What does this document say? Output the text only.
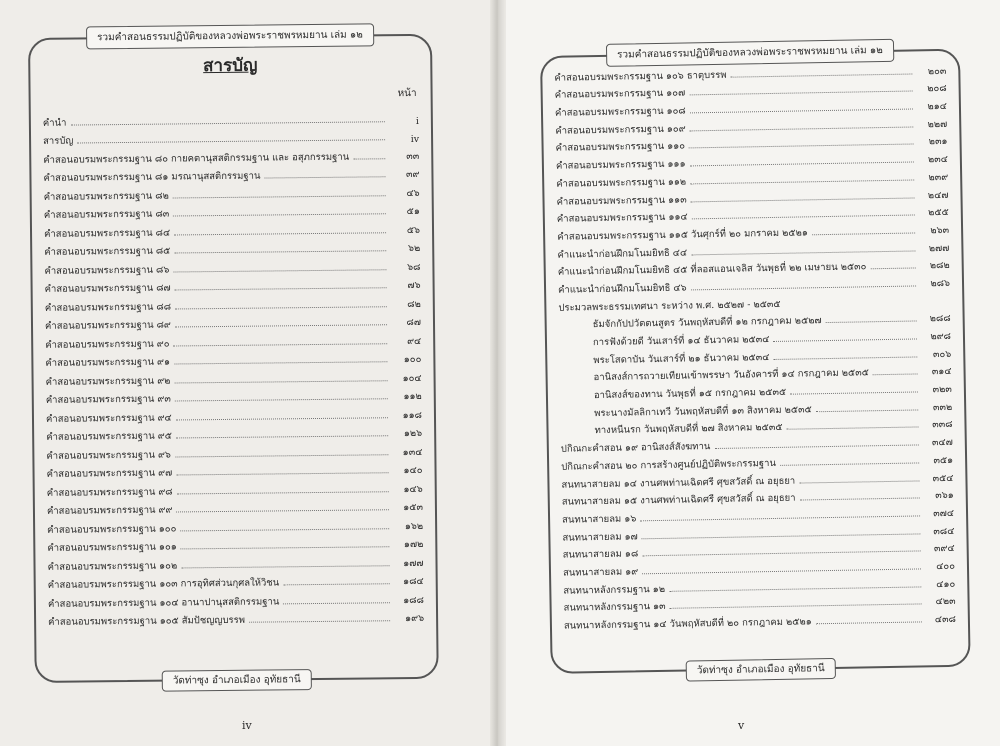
รวมคำสอนธรรมปฏิบัติของหลวงพ่อพระราชพรหมยาน เล่ม ๑๒
สารบัญ
หน้า
คำนำ	i
สารบัญ	iv
คำสอนอบรมพระกรรมฐาน ๘๐ กายคตานุสสติกรรมฐาน และ อสุภกรรมฐาน	๓๓
คำสอนอบรมพระกรรมฐาน ๘๑ มรณานุสสติกรรมฐาน	๓๙
คำสอนอบรมพระกรรมฐาน ๘๒	๔๖
คำสอนอบรมพระกรรมฐาน ๘๓	๕๑
คำสอนอบรมพระกรรมฐาน ๘๔	๕๖
คำสอนอบรมพระกรรมฐาน ๘๕	๖๒
คำสอนอบรมพระกรรมฐาน ๘๖	๖๘
คำสอนอบรมพระกรรมฐาน ๘๗	๗๖
คำสอนอบรมพระกรรมฐาน ๘๘	๘๒
คำสอนอบรมพระกรรมฐาน ๘๙	๘๗
คำสอนอบรมพระกรรมฐาน ๙๐	๙๔
คำสอนอบรมพระกรรมฐาน ๙๑	๑๐๐
คำสอนอบรมพระกรรมฐาน ๙๒	๑๐๔
คำสอนอบรมพระกรรมฐาน ๙๓	๑๑๒
คำสอนอบรมพระกรรมฐาน ๙๔	๑๑๘
คำสอนอบรมพระกรรมฐาน ๙๕	๑๒๖
คำสอนอบรมพระกรรมฐาน ๙๖	๑๓๔
คำสอนอบรมพระกรรมฐาน ๙๗	๑๔๐
คำสอนอบรมพระกรรมฐาน ๙๘	๑๔๖
คำสอนอบรมพระกรรมฐาน ๙๙	๑๕๓
คำสอนอบรมพระกรรมฐาน ๑๐๐	๑๖๒
คำสอนอบรมพระกรรมฐาน ๑๐๑	๑๗๒
คำสอนอบรมพระกรรมฐาน ๑๐๒	๑๗๗
คำสอนอบรมพระกรรมฐาน ๑๐๓ การอุทิศส่วนกุศลให้วิชน	๑๘๔
คำสอนอบรมพระกรรมฐาน ๑๐๔ อานาปานุสสติกรรมฐาน	๑๘๘
คำสอนอบรมพระกรรมฐาน ๑๐๕ สัมปัชญญบรรพ	๑๙๖
วัดท่าซุง อำเภอเมือง อุทัยธานี
iv
รวมคำสอนธรรมปฏิบัติของหลวงพ่อพระราชพรหมยาน เล่ม ๑๒
คำสอนอบรมพระกรรมฐาน ๑๐๖ ธาตุบรรพ	๒๐๓
คำสอนอบรมพระกรรมฐาน ๑๐๗	๒๐๘
คำสอนอบรมพระกรรมฐาน ๑๐๘	๒๑๔
คำสอนอบรมพระกรรมฐาน ๑๐๙	๒๒๗
คำสอนอบรมพระกรรมฐาน ๑๑๐	๒๓๑
คำสอนอบรมพระกรรมฐาน ๑๑๑	๒๓๔
คำสอนอบรมพระกรรมฐาน ๑๑๒	๒๓๙
คำสอนอบรมพระกรรมฐาน ๑๑๓	๒๔๗
คำสอนอบรมพระกรรมฐาน ๑๑๔	๒๕๕
คำสอนอบรมพระกรรมฐาน ๑๑๕ วันศุกร์ที่ ๒๐ มกราคม ๒๕๒๑	๒๖๓
คำแนะนำก่อนฝึกมโนมยิทธิ ๔๔	๒๗๗
คำแนะนำก่อนฝึกมโนมยิทธิ ๔๕ ที่ลอสแอนเจลิส วันพุธที่ ๒๒ เมษายน ๒๕๓๐	๒๘๒
คำแนะนำก่อนฝึกมโนมยิทธิ ๔๖	๒๘๖
ประมวลพระธรรมเทศนา ระหว่าง พ.ศ. ๒๕๒๗ - ๒๕๓๕
ธัมจักกัปปวัตตนสูตร วันพฤหัสบดีที่ ๑๒ กรกฎาคม ๒๕๒๗	๒๘๘
การฟังด้วยดี วันเสาร์ที่ ๑๔ ธันวาคม ๒๕๓๔	๒๙๘
พระโสดาบัน วันเสาร์ที่ ๒๑ ธันวาคม ๒๕๓๔	๓๐๖
อานิสงส์การถวายเทียนเข้าพรรษา วันอังคารที่ ๑๔ กรกฎาคม ๒๕๓๕	๓๑๔
อานิสงส์ของทาน วันพุธที่ ๑๕ กรกฎาคม ๒๕๓๕	๓๒๓
พระนางมัลลิกาเทวี วันพฤหัสบดีที่ ๑๓ สิงหาคม ๒๕๓๕	๓๓๒
ทางหนีนรก วันพฤหัสบดีที่ ๒๗ สิงหาคม ๒๕๓๕	๓๓๘
ปกิณกะคำสอน ๑๙ อานิสงส์สังฆทาน	๓๔๗
ปกิณกะคำสอน ๒๐ การสร้างศูนย์ปฏิบัติพระกรรมฐาน	๓๕๑
สนทนาสายลม ๑๔ งานศพท่านเฉิดศรี ศุขสวัสดิ์ ณ อยุธยา	๓๕๔
สนทนาสายลม ๑๕ งานศพท่านเฉิดศรี ศุขสวัสดิ์ ณ อยุธยา	๓๖๑
สนทนาสายลม ๑๖	๓๗๔
สนทนาสายลม ๑๗	๓๘๔
สนทนาสายลม ๑๘	๓๙๔
สนทนาสายลม ๑๙	๔๐๐
สนทนาหลังกรรมฐาน ๑๒	๔๑๐
สนทนาหลังกรรมฐาน ๑๓	๔๒๓
สนทนาหลังกรรมฐาน ๑๔ วันพฤหัสบดีที่ ๒๐ กรกฎาคม ๒๕๒๑	๔๓๘
วัดท่าซุง อำเภอเมือง อุทัยธานี
v
